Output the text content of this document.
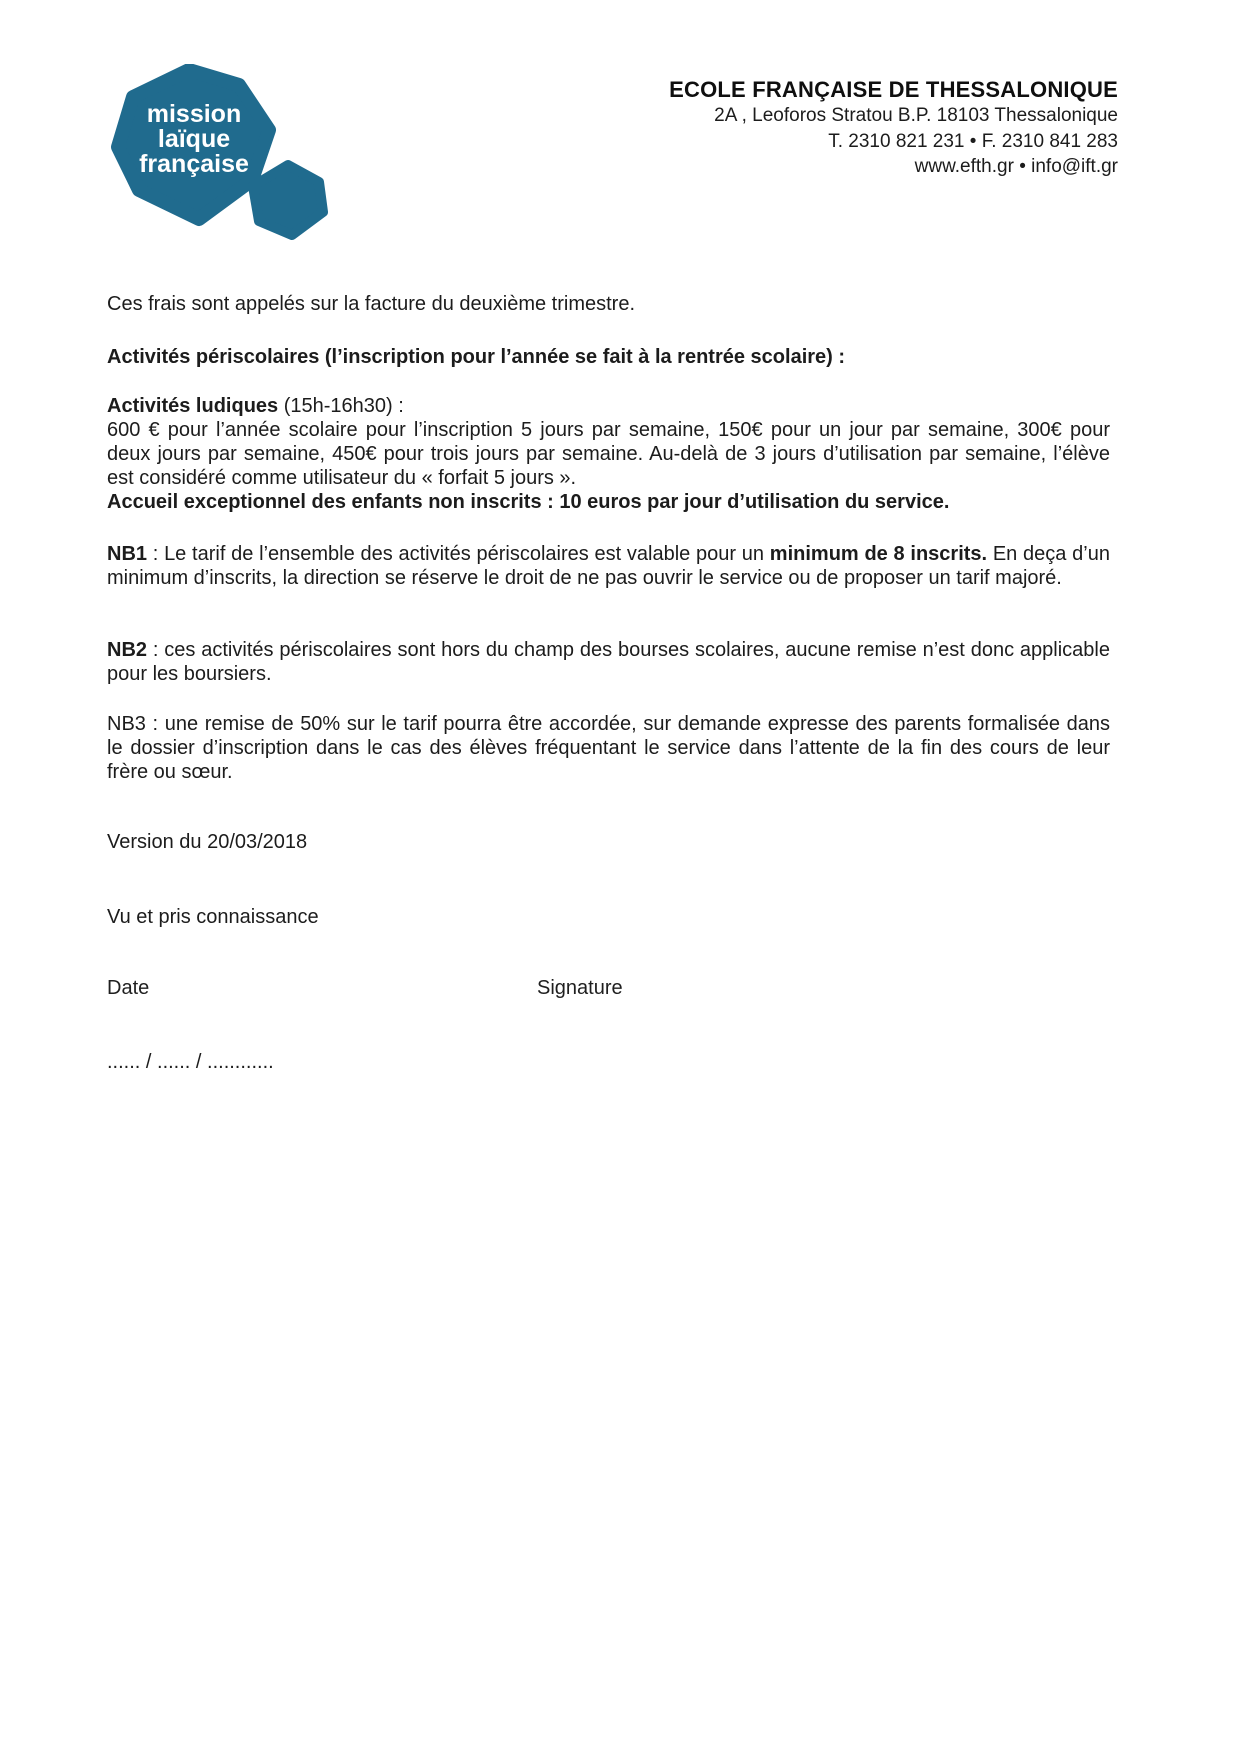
mission
laïque
française
ECOLE FRANÇAISE DE THESSALONIQUE
2A , Leoforos Stratou B.P. 18103 Thessalonique
T. 2310 821 231 • F. 2310 841 283
www.efth.gr • info@ift.gr
Ces frais sont appelés sur la facture du deuxième trimestre.
Activités périscolaires (l’inscription pour l’année se fait à la rentrée scolaire) :
Activités ludiques (15h-16h30) :
600 € pour l’année scolaire pour l’inscription 5 jours par semaine, 150€ pour un jour par semaine, 300€ pour deux jours par semaine, 450€ pour trois jours par semaine. Au-delà de 3 jours d’utilisation par semaine, l’élève est considéré comme utilisateur du « forfait 5 jours ».
Accueil exceptionnel des enfants non inscrits : 10 euros par jour d’utilisation du service.
NB1 : Le tarif de l’ensemble des activités périscolaires est valable pour un minimum de 8 inscrits. En deça d’un minimum d’inscrits, la direction se réserve le droit de ne pas ouvrir le service ou de proposer un tarif majoré.
NB2 : ces activités périscolaires sont hors du champ des bourses scolaires, aucune remise n’est donc applicable pour les boursiers.
NB3 : une remise de 50% sur le tarif pourra être accordée, sur demande expresse des parents formalisée dans le dossier d’inscription dans le cas des élèves fréquentant le service dans l’attente de la fin des cours de leur frère ou sœur.
Version du 20/03/2018
Vu et pris connaissance
Date	Signature
...... / ...... / ............
